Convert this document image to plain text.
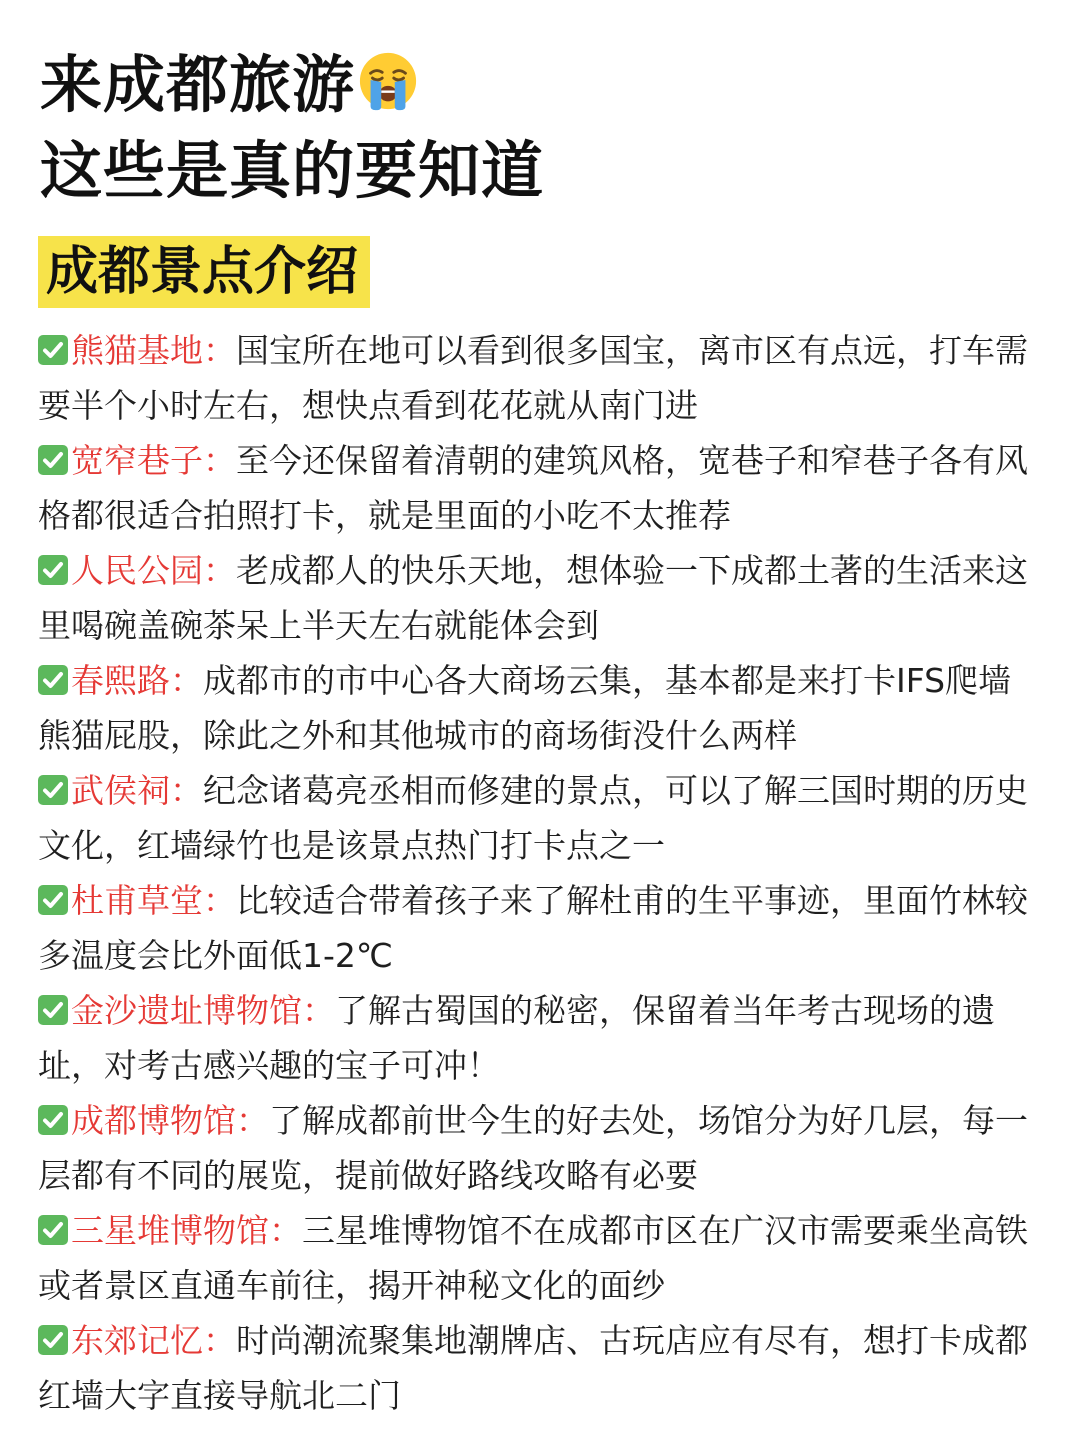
来成都旅游
这些是真的要知道
成都景点介绍
熊猫基地：国宝所在地可以看到很多国宝，离市区有点远，打车需要半个小时左右，想快点看到花花就从南门进
宽窄巷子：至今还保留着清朝的建筑风格，宽巷子和窄巷子各有风格都很适合拍照打卡，就是里面的小吃不太推荐
人民公园：老成都人的快乐天地，想体验一下成都土著的生活来这里喝碗盖碗茶呆上半天左右就能体会到
春熙路：成都市的市中心各大商场云集，基本都是来打卡IFS爬墙熊猫屁股，除此之外和其他城市的商场街没什么两样
武侯祠：纪念诸葛亮丞相而修建的景点，可以了解三国时期的历史文化，红墙绿竹也是该景点热门打卡点之一
杜甫草堂：比较适合带着孩子来了解杜甫的生平事迹，里面竹林较多温度会比外面低1-2℃
金沙遗址博物馆：了解古蜀国的秘密，保留着当年考古现场的遗址，对考古感兴趣的宝子可冲！
成都博物馆：了解成都前世今生的好去处，场馆分为好几层，每一层都有不同的展览，提前做好路线攻略有必要
三星堆博物馆：三星堆博物馆不在成都市区在广汉市需要乘坐高铁或者景区直通车前往，揭开神秘文化的面纱
东郊记忆：时尚潮流聚集地潮牌店、古玩店应有尽有，想打卡成都红墙大字直接导航北二门
